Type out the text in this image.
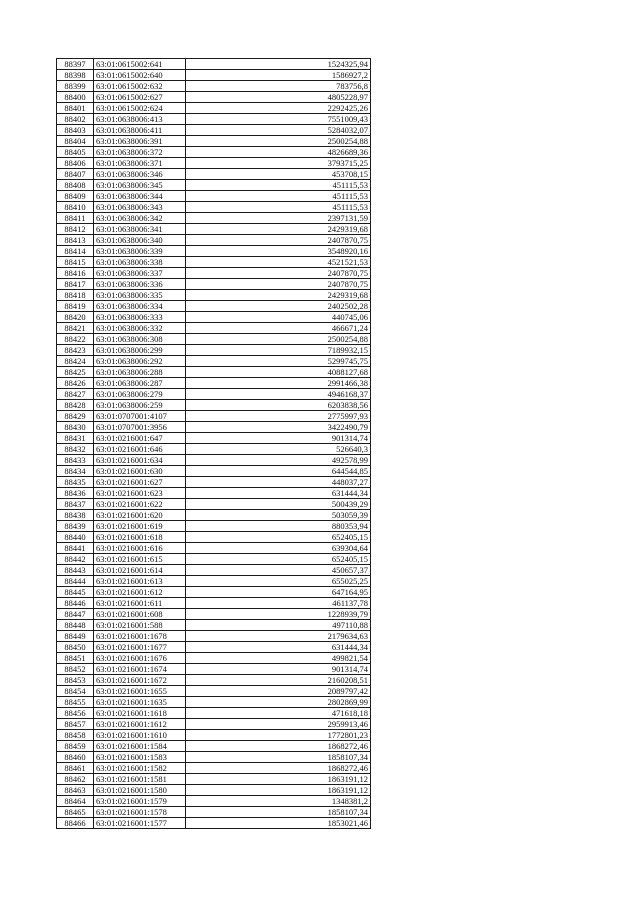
88397	63:01:0615002:641	1524325,94
88398	63:01:0615002:640	1586927,2
88399	63:01:0615002:632	783756,8
88400	63:01:0615002:627	4805228,97
88401	63:01:0615002:624	2292425,26
88402	63:01:0638006:413	7551009,43
88403	63:01:0638006:411	5284032,07
88404	63:01:0638006:391	2500254,88
88405	63:01:0638006:372	4826689,36
88406	63:01:0638006:371	3793715,25
88407	63:01:0638006:346	453708,15
88408	63:01:0638006:345	451115,53
88409	63:01:0638006:344	451115,53
88410	63:01:0638006:343	451115,53
88411	63:01:0638006:342	2397131,59
88412	63:01:0638006:341	2429319,68
88413	63:01:0638006:340	2407870,75
88414	63:01:0638006:339	3548920,16
88415	63:01:0638006:338	4521521,53
88416	63:01:0638006:337	2407870,75
88417	63:01:0638006:336	2407870,75
88418	63:01:0638006:335	2429319,68
88419	63:01:0638006:334	2402502,28
88420	63:01:0638006:333	440745,06
88421	63:01:0638006:332	466671,24
88422	63:01:0638006:308	2500254,88
88423	63:01:0638006:299	7189932,15
88424	63:01:0638006:292	5299745,75
88425	63:01:0638006:288	4088127,68
88426	63:01:0638006:287	2991466,38
88427	63:01:0638006:279	4946168,37
88428	63:01:0638006:259	6203838,56
88429	63:01:0707001:4107	2775997,93
88430	63:01:0707001:3956	3422490,79
88431	63:01:0216001:647	901314,74
88432	63:01:0216001:646	526640,3
88433	63:01:0216001:634	492578,99
88434	63:01:0216001:630	644544,85
88435	63:01:0216001:627	448037,27
88436	63:01:0216001:623	631444,34
88437	63:01:0216001:622	500439,29
88438	63:01:0216001:620	503059,39
88439	63:01:0216001:619	880353,94
88440	63:01:0216001:618	652405,15
88441	63:01:0216001:616	639304,64
88442	63:01:0216001:615	652405,15
88443	63:01:0216001:614	450657,37
88444	63:01:0216001:613	655025,25
88445	63:01:0216001:612	647164,95
88446	63:01:0216001:611	461137,78
88447	63:01:0216001:608	1228939,79
88448	63:01:0216001:588	497110,88
88449	63:01:0216001:1678	2179634,63
88450	63:01:0216001:1677	631444,34
88451	63:01:0216001:1676	499821,54
88452	63:01:0216001:1674	901314,74
88453	63:01:0216001:1672	2160208,51
88454	63:01:0216001:1655	2089797,42
88455	63:01:0216001:1635	2802869,99
88456	63:01:0216001:1618	471618,18
88457	63:01:0216001:1612	2959913,46
88458	63:01:0216001:1610	1772801,23
88459	63:01:0216001:1584	1868272,46
88460	63:01:0216001:1583	1858107,34
88461	63:01:0216001:1582	1868272,46
88462	63:01:0216001:1581	1863191,12
88463	63:01:0216001:1580	1863191,12
88464	63:01:0216001:1579	1348381,2
88465	63:01:0216001:1578	1858107,34
88466	63:01:0216001:1577	1853021,46
